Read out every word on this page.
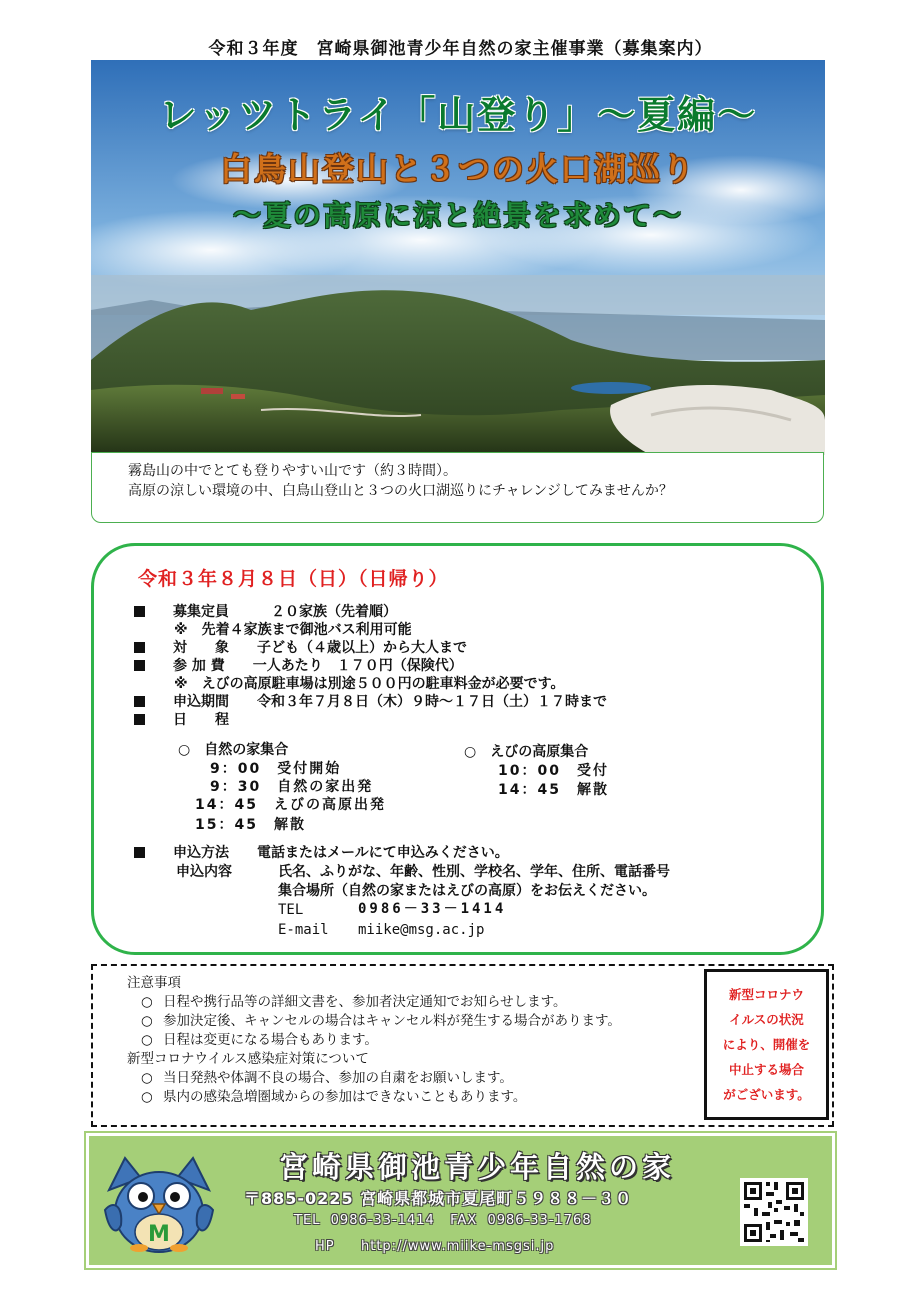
令和３年度　宮崎県御池青少年自然の家主催事業（募集案内）
レッツトライ「山登り」～夏編～
白鳥山登山と３つの火口湖巡り
～夏の高原に涼と絶景を求めて～
霧島山の中でとても登りやすい山です（約３時間）。
高原の涼しい環境の中、白鳥山登山と３つの火口湖巡りにチャレンジしてみませんか？
令和３年８月８日（日）（日帰り）
　　募集定員　　　	２０家族（先着順）
※　先着４家族まで御池バス利用可能
　　対　　象　　 子ども（４歳以上）から大人まで
　　参 加 費　　 一人あたり　１７０円（保険代）
※　えびの高原駐車場は別途５００円の駐車料金が必要です。
　　申込期間　　 令和３年７月８日（木）９時～１７日（土）１７時まで
　　日　　程
○　自然の家集合
9：00　受付開始
9：30　自然の家出発
14：45　えびの高原出発
15：45　解散
○　えびの高原集合
10：00　受付
14：45　解散
　　申込方法　　 電話またはメールにて申込みください。
申込内容	氏名、ふりがな、年齢、性別、学校名、学年、住所、電話番号
集合場所（自然の家またはえびの高原）をお伝えください。
TEL	0986－33－1414
E-mail miike@msg.ac.jp
注意事項
○ 日程や携行品等の詳細文書を、参加者決定通知でお知らせします。
○ 参加決定後、キャンセルの場合はキャンセル料が発生する場合があります。
○ 日程は変更になる場合もあります。
新型コロナウイルス感染症対策について
○ 当日発熱や体調不良の場合、参加の自粛をお願いします。
○ 県内の感染急増圏域からの参加はできないこともあります。
新型コロナウ
イルスの状況
により、開催を
中止する場合
がございます。
M
宮崎県御池青少年自然の家
〒885-0225 宮崎県都城市夏尾町５９８８－３０
TEL  0986-33-1414   FAX  0986-33-1768
HP http://www.miike-msgsi.jp
